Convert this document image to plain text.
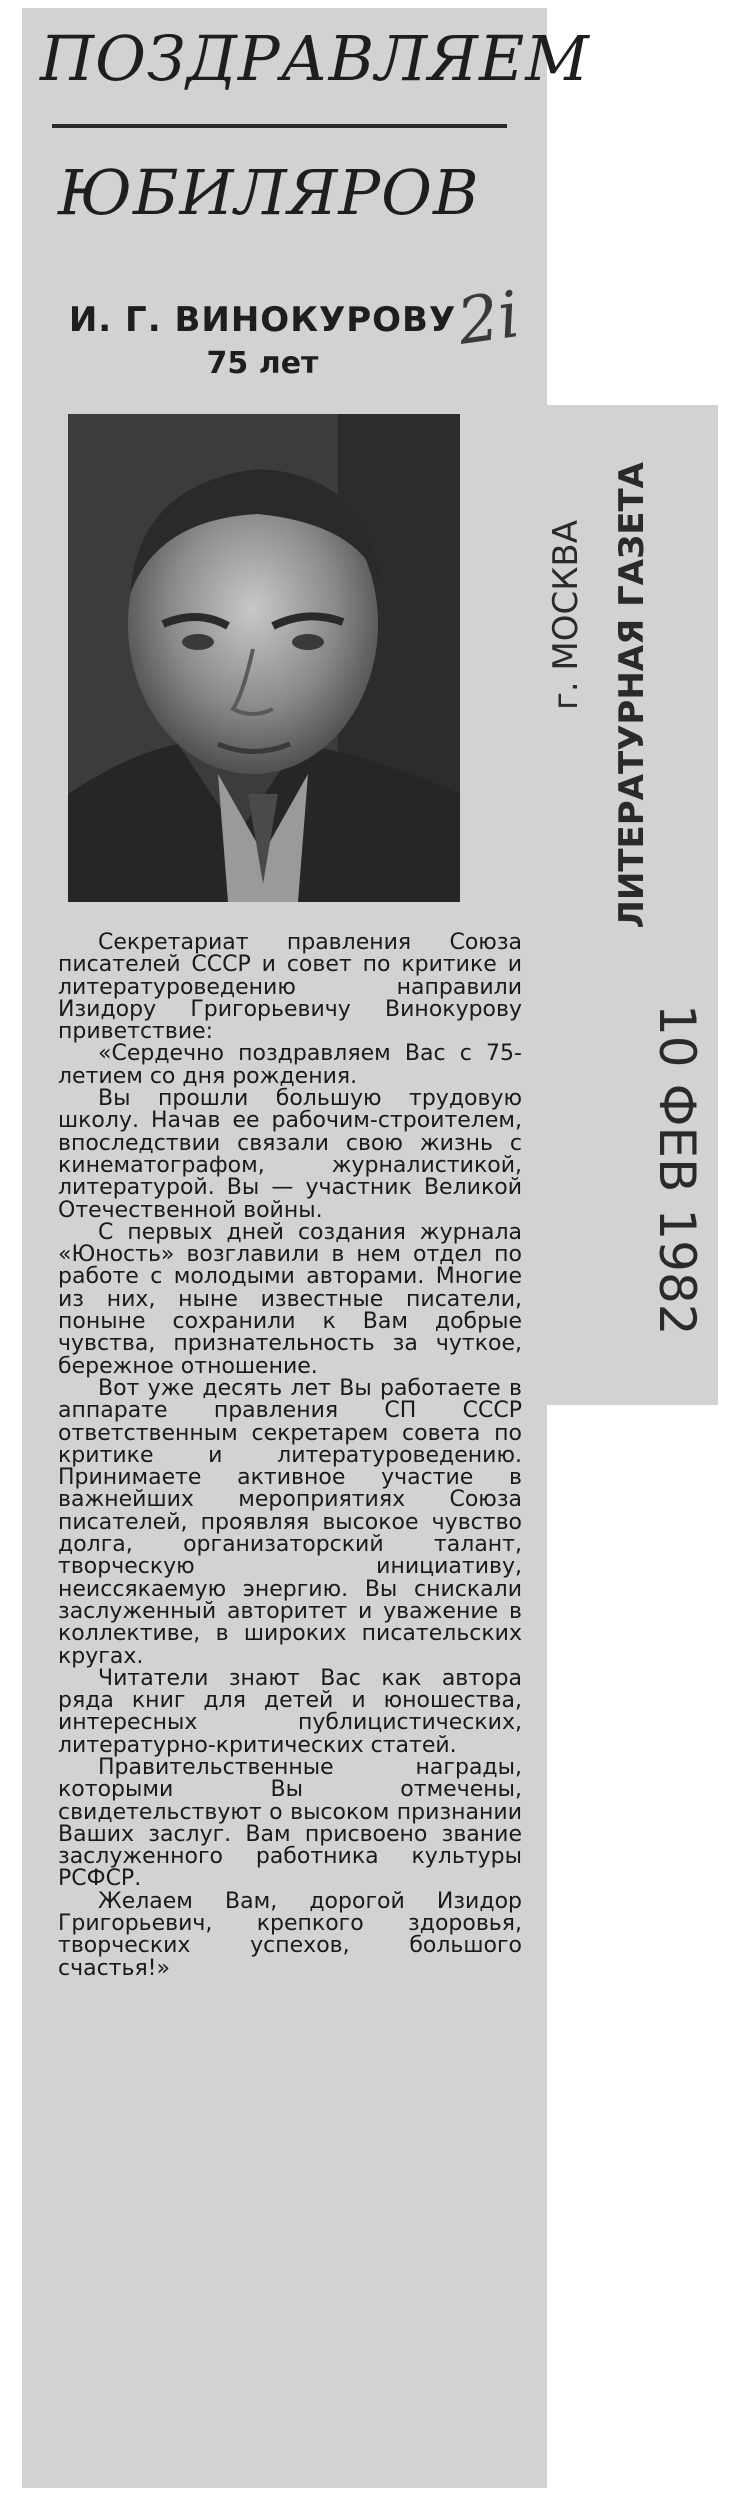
ПОЗДРАВЛЯЕМ
ЮБИЛЯРОВ
И. Г. ВИНОКУРОВУ
75 лет
2i

Секретариат правления Союза писателей СССР и совет по критике и литературоведению направили Изидору Григорьевичу Винокурову приветствие:

«Сердечно поздравляем Вас с 75-летием со дня рождения.

Вы прошли большую трудовую школу. Начав ее рабочим-строителем, впоследствии связали свою жизнь с кинематографом, журналистикой, литературой. Вы — участник Великой Отечественной войны.

С первых дней создания журнала «Юность» возглавили в нем отдел по работе с молодыми авторами. Многие из них, ныне известные писатели, поныне сохранили к Вам добрые чувства, признательность за чуткое, бережное отношение.

Вот уже десять лет Вы работаете в аппарате правления СП СССР ответственным секретарем совета по критике и литературоведению. Принимаете активное участие в важнейших мероприятиях Союза писателей, проявляя высокое чувство долга, организаторский талант, творческую инициативу, неиссякаемую энергию. Вы снискали заслуженный авторитет и уважение в коллективе, в широких писательских кругах.

Читатели знают Вас как автора ряда книг для детей и юношества, интересных публицистических, литературно-критических статей.

Правительственные награды, которыми Вы отмечены, свидетельствуют о высоком признании Ваших заслуг. Вам присвоено звание заслуженного работника культуры РСФСР.

Желаем Вам, дорогой Изидор Григорьевич, крепкого здоровья, творческих успехов, большого счастья!»

ЛИТЕРАТУРНАЯ ГАЗЕТА
г. МОСКВА
10 ФЕВ 1982
